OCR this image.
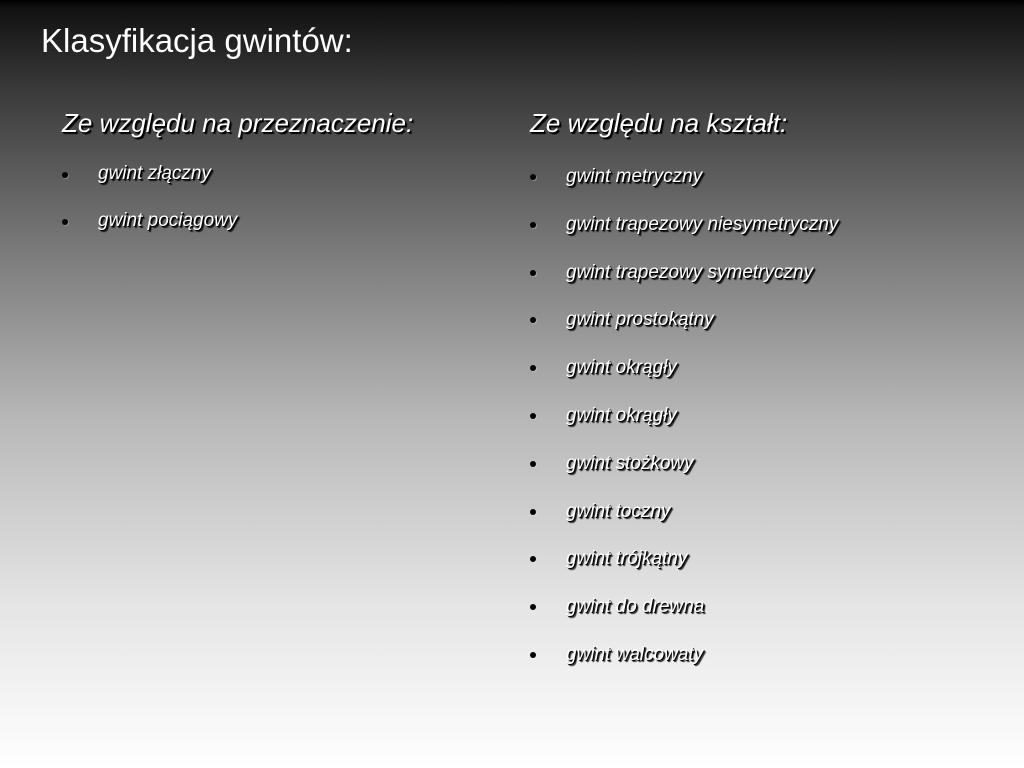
Klasyfikacja gwintów:
Ze względu na przeznaczenie:
gwint złączny
gwint pociągowy
Ze względu na kształt:
gwint metryczny
gwint trapezowy niesymetryczny
gwint trapezowy symetryczny
gwint prostokątny
gwint okrągły
gwint okrągły
gwint stożkowy
gwint toczny
gwint trójkątny
gwint do drewna
gwint walcowaty
